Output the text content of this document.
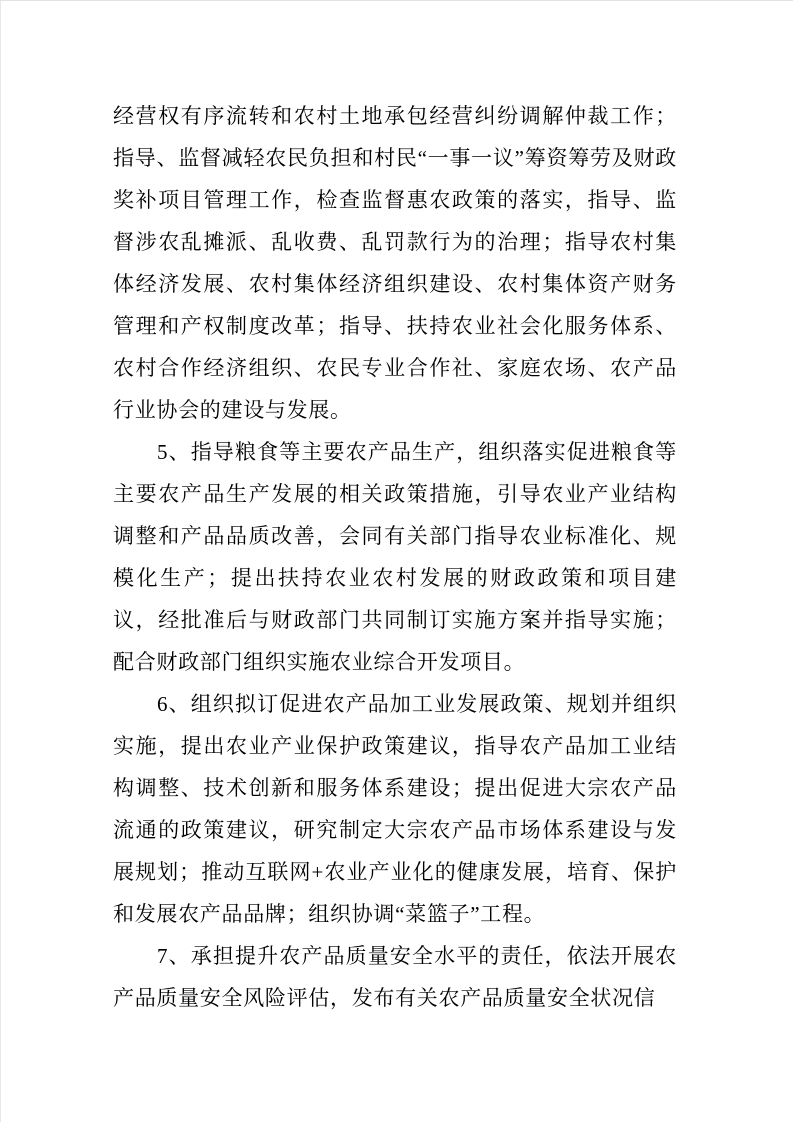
经营权有序流转和农村土地承包经营纠纷调解仲裁工作；指导、监督减轻农民负担和村民“一事一议”筹资筹劳及财政奖补项目管理工作，检查监督惠农政策的落实，指导、监督涉农乱摊派、乱收费、乱罚款行为的治理；指导农村集体经济发展、农村集体经济组织建设、农村集体资产财务管理和产权制度改革；指导、扶持农业社会化服务体系、农村合作经济组织、农民专业合作社、家庭农场、农产品行业协会的建设与发展。

5、指导粮食等主要农产品生产，组织落实促进粮食等主要农产品生产发展的相关政策措施，引导农业产业结构调整和产品品质改善，会同有关部门指导农业标准化、规模化生产；提出扶持农业农村发展的财政政策和项目建议，经批准后与财政部门共同制订实施方案并指导实施；配合财政部门组织实施农业综合开发项目。

6、组织拟订促进农产品加工业发展政策、规划并组织实施，提出农业产业保护政策建议，指导农产品加工业结构调整、技术创新和服务体系建设；提出促进大宗农产品流通的政策建议，研究制定大宗农产品市场体系建设与发展规划；推动互联网+农业产业化的健康发展，培育、保护和发展农产品品牌；组织协调“菜篮子”工程。

7、承担提升农产品质量安全水平的责任，依法开展农产品质量安全风险评估，发布有关农产品质量安全状况信
